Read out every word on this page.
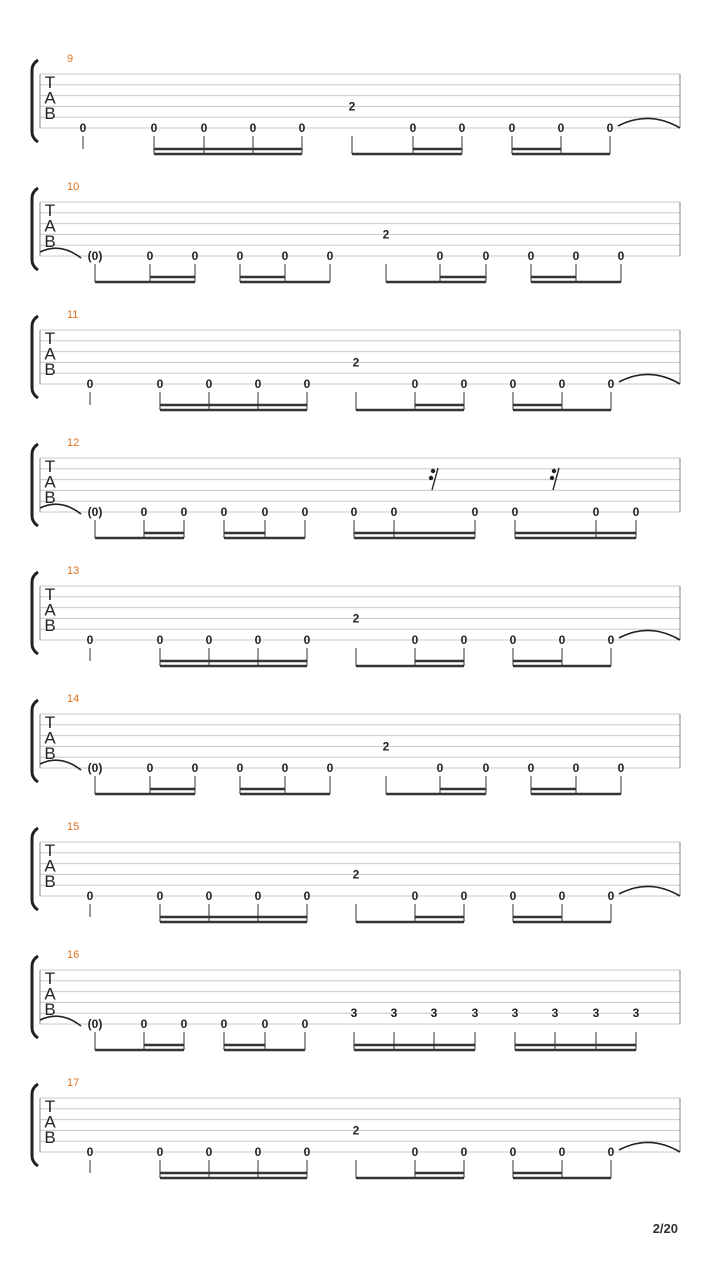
T
A
B
9
0	0	0	0	0
2
0	0	0	0	0
T
A
B
10
(0)	0	0	0	0	0
2
0	0	0	0	0
T
A
B
11
0	0	0	0	0
2
0	0	0	0	0
T
A
B
12
(0)	0	0	0	0	0	0	0	0	0	0	0
T
A
B
13
0	0	0	0	0
2
0	0	0	0	0
T
A
B
14
(0)	0	0	0	0	0
2
0	0	0	0	0
T
A
B
15
0	0	0	0	0
2
0	0	0	0	0
T
A
B
16
(0)	0	0	0	0	0
3	3	3	3	3	3	3	3
T
A
B
17
0	0	0	0	0
2
0	0	0	0	0
2/20
